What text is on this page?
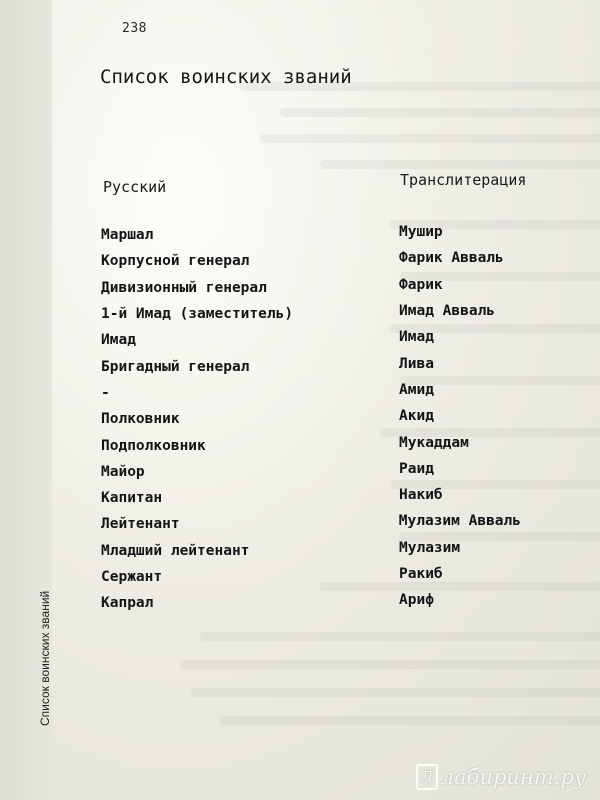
238
Список воинских званий
Список воинских званий
Русский	Транслитерация
Маршал	Мушир
Корпусной генерал	Фарик Авваль
Дивизионный генерал	Фарик
1-й Имад (заместитель)	Имад Авваль
Имад	Имад
Бригадный генерал	Лива
-	Амид
Полковник	Акид
Подполковник	Мукаддам
Майор	Раид
Капитан	Накиб
Лейтенант	Мулазим Авваль
Младший лейтенант	Мулазим
Сержант	Ракиб
Капрал	Ариф
Л лабиринт.ру
